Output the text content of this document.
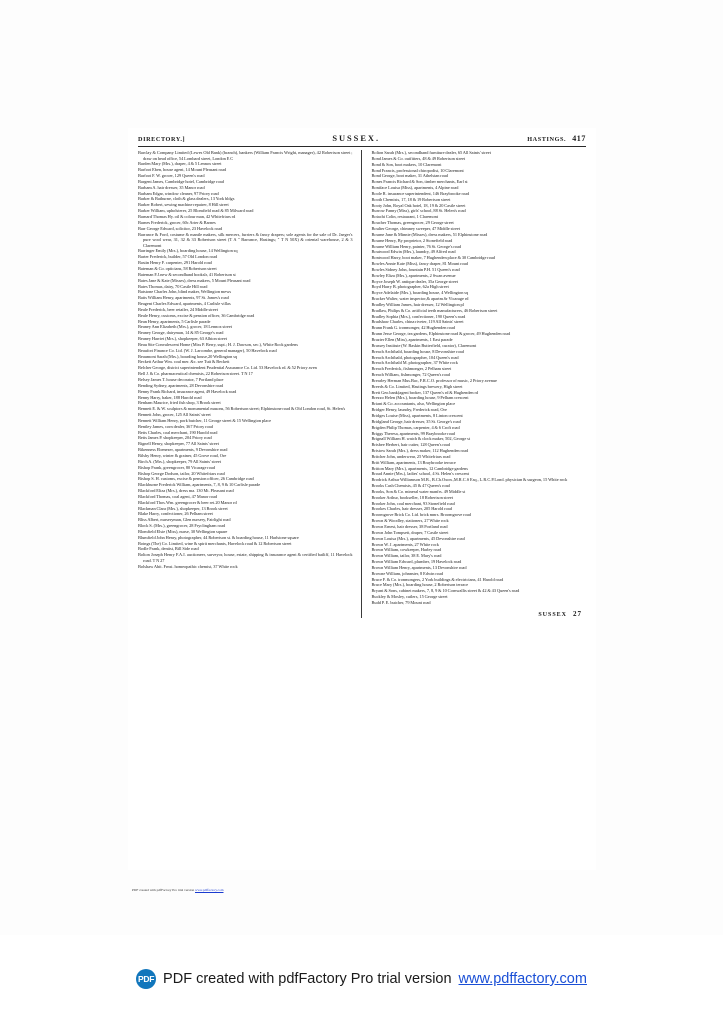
DIRECTORY.]	SUSSEX.	HASTINGS. 417
Barclay & Company Limited (Lewes Old Bank) (branch), bankers (William Francis Wright, manager), 42 Robertson street ; draw on head office, 54 Lombard street, London E C
Barden Mary (Mrs.), draper, 4 & 5 Lennox street
Barfoot Eben, house agent, 14 Mount Pleasant road
Barfoot F. W. grocer, 129 Queen's road
Bargent James, Cambridge hotel, Cambridge road
Barham A. hair dresser, 35 Manor road
Barham Edgar, window cleaner, 97 Priory road
Barker & Bathurne, cloth & glass dealers, 13 York bldgs
Barker Robert, sewing machine repairer, 8 Hill street
Barker William, upholsterer, 25 Blomfield road & 85 Milward road
Barnard Thomas Hy. oil & colour man, 42 Whitefriars rd
Barnes Frederick, grocer, 60c Arter & Barnes
Barr George Edward, solicitor, 23 Havelock road
Barrance & Ford, costume & mantle makers, silk mercers, furriers & fancy drapers; sole agents for the sale of Dr. Jaeger's pure wool wear, 31, 32 & 33 Robertson street (T A " Barrance, Hastings; " T N 50X) & oriental warehouse, 2 & 3 Claremont
Barringer Emily (Mrs.), boarding house, 14 Wellington sq
Barter Frederick, builder, 57 Old London road
Bastin Henry F. carpenter, 291 Harold road
Bateman & Co. opticians, 58 Robertson street
Bateman F.J.new & secondhand bookslr, 41 Robertson st
Bates Jane & Kate (Misses), dress makers, 5 Mount Pleasant road
Bates Thomas, dairy, 70 Castle Hill road
Batstone Charles John, blind maker, Wellington mews
Batts William Henry, apartments, 97 St. James's road
Beagent Charles Edward, apartments, 4 Carlisle villas
Beale Frederick, beer retailer, 24 Middle street
Beale Henry, customs, excise & pension officer, 36 Cambridge road
Bean Henry, apartments, 5 Carlisle parade
Beaney Ann Elizabeth (Mrs.), grocer, 18 Lennox street
Beaney George, dairyman, 14 & 85 George's road
Beaney Harriet (Mrs.), shopkeeper, 63 Albion street
Beau Site Convalescent Home (Miss P. Berry, supt.; H. J. Dawson, sec.), White Rock gardens
Beaufort Finance Co. Ltd. (W. J. Larcombe, general manager), 50 Havelock road
Beaumont Sarah (Mrs.), boarding house,20 Wellington sq
Beckett Arthur Wm. coal mer. &c. see Tutt & Beckett
Belcher George, district superintendent Prudential Assurance Co. Ltd. 53 Havelock rd. & 52 Priory aven
Bell J. & Co. pharmaceutical chemists, 22 Robertson street. T N 17
Belsey James T. house decorator, 7 Portland place
Bending Sydney, apartments, 28 Devonshire road
Benny Frank Richard, insurance agent, 49 Havelock road
Benny Harry, baker, 188 Harold road
Benham Maurice, fried fish shop, 3 Brook street
Bennett E. & W. sculptors & monumental masons, 56 Robertson street; Elphinstone road & Old London road, St. Helen's
Bennett John, grocer, 125 All Saints' street
Bennett William Henry, pork butcher, 11 George street & 15 Wellington place
Bentley James, corn dealer, 367 Priory road
Betts Charles, coal merchant, 190 Harold road
Betts James P. shopkeeper, 204 Priory road
Bignell Henry, shopkeeper, 77 All Saints' street
Bikenness Ebenezer, apartments, 9 Devonshire road
Bilsby Henry, winter & grainer, 45 Grove road, Ore
Birch A. (Mrs.), shopkeeper, 79 All Saints' street
Bishop Frank, greengrocer, 80 Vicarage road
Bishop George Dodson, tailor, 20 Whitefriars road
Bishop S. H. customs, excise & pension officer, 26 Cambridge road
Blackburne Frederick William, apartments, 7, 8, 9 & 10 Carlisle parade
Blackford Eliza (Mrs.), dress ma. 130 Mt. Pleasant road
Blackford Thomas, coal agent, 47 Manor road
Blackford Thos.Wm. greengrocer & beer ret.20 Manor rd
Blackman Clara (Mrs.), shopkeeper, 13 Brook street
Blake Harry, confectioner, 26 Pelham street
Bliss Albert, nurseryman, Glen nursery, Fairlight road
Block S. (Mrs.), greengrocer, 28 Fryclingham road
Blomfield Elsie (Miss), nurse, 30 Wellington square
Blumfield John Henry, photographer, 44 Robertson st. & boarding house, 11 Harlstone square
Boings (The) Co. Limited, wine & spirit merchants, Havelock road & 12 Robertson street
Bodle Frank, dentist, Bill Side road
Bolton Joseph Henry F.A.I. auctioneer, surveyor, house, estate, shipping & insurance agent & certified bailiff, 11 Havelock road. T N 27
Bolshaw Abit. Frnst. homeopathic chemist, 37 White rock
Bolton Sarah (Mrs.), secondhand furniture dealer, 65 All Saints' street
Bond James & Co. outfitters, 48 & 49 Robertson street
Bond & Son, boot makers, 10 Claremont
Bond Francis, professional chiropodist, 10 Claremont
Bond George, boot maker, 31 Athelstan road
Bones Francis Richard & Son, timber merchants, Earl st
Boniface Louisa (Miss), apartments, 4 Alpine road
Boole R. insurance superintendent, 146 Braybrooke road
Booth Chemists, 17, 18 & 19 Robertson street
Booty John, Royal Oak hotel, 18, 19 & 20 Castle street
Burrow Fanny (Miss), girls' school, 88 St. Helen's road
Botachi Colin, restaurant, 1 Claremont
Boucher Thomas, greengrocer, 29 George street
Boulter George, chimney sweeper, 47 Middle street
Bourne Jane & Minnie (Misses), dress makers, 51 Elphinstone road
Bourne Henry, By proprietor, 2 Stonefield road
Bourne William Henry, painter, 76 St. George's road
Boutwood Edwin (Mrs.), laundry, 49 Alfred road
Bontwood Harry, boot maker, 7 Hughenden place & 30 Cambridge road
Bowles Annie Kate (Miss), fancy draper, 81 Mount road
Bowles Sidney John, fountain P.H. 51 Queen's road
Bowley Eliza (Mrs.), apartments, 2 Swan avenue
Boyce Joseph W. antique dealer, 35a George street
Boyd Harry B. photographer, 62a High street
Boyce Adelaide (Mrs.), boarding house, 4 Wellington sq
Bracker Walter, water inspector,& apartm.6r Vicarage rd
Bradley William James, hair dresser, 12 Wellington pl
Bradlaw, Philips & Co. artificial teeth manufacturers, 46 Robertson street
Bradley Sophia (Mrs.), confectioner, 190 Queen's road
Bradshaw Charles, china riveter, 119 All Saints' street
Brann Frank G. ironmonger, 42 Hughenden road
Brann Jesse George, tea gardens, Elphinstone road & grocer, 49 Hughenden road
Brazier Ellen (Miss), apartments, 1 East parade
Brassey Institute (W. Baskin Butterfield, curator), Claremont
Breach Archibald, boarding house, 8 Devonshire road
Breach Archibald, photographer, 104 Queen's road
Breach Archibald M. photographer, 37 White rock
Breach Frederick, fishmonger, 2 Pelham street
Breach William, fishmonger, 72 Queen's road
Brearley Herman Mus.Bac, F.R.C.O. professor of music, 2 Priory avenue
Breeds & Co. Limited, Hastings brewery, High street
Brett Geo.bank(agent broker, 137 Queen's rd & Hughenden rd
Brezzo Helen (Mrs.), boarding house, 9 Pelham crescent
Briant & Co. accountants, also, Wellington place
Bridger Henry, laundry, Frederick road, Ore
Bridges Louise (Miss), apartments, 8 Linton crescent
Bridgland George, hair dresser, 35 St. George's road
Brigden Philip Thomas, carpenter, 4 & 6 Croft road
Briggs Theresa, apartments, 99 Braybrooke road
Brignall William H. watch & clock maker, 502, George st
Brisbee Herbert, hair cutter, 128 Queen's road
Bristow Sarah (Mrs.), dress maker, 112 Hughenden road
Britcher John, underwear, 25 Whitefriars road
Britt William, apartments, 13 Braybrooke terrace
Britton Mary (Mrs.), apartments, 12 Cambridge gardens
Broad Annie (Mrs.), ladies' school, 4 St. Helen's crescent
Brodrick Arthur Williamson M.B., B.Ch.Oxon.,M.R.C.S Esq., L.R.C.P.Lond. physician & surgeon, 15 White rock
Brooks Cash Chemists, 45 & 47 Queen's road
Brooks, Son & Co. mineral water manfrs. 49 Middle st
Brooker Arthur, bookseller, 18 Robertson street
Brooker John, coal merchant, 93 Stonefield road
Brookes Charles, hair dresser, 205 Harold road
Broomgrove Brick Co. Ltd. brick mnrs. Broomgrove road
Brown & Woodley, stationers, 27 White rock
Brown Ernest, hair dresser, 38 Portland road
Brown John Tompsett, draper, 7 Castle street
Brown Louisa (Mrs.), apartments, 45 Devonshire road
Brown W. J. apartments, 27 White rock
Brown William, cowkeeper, Harley road
Brown William, tailor, 38 E. Mary's road
Brown William Edward, plumber, 19 Havelock road
Brown William Henry, apartments, 13 Devonshire road
Browne William, johnnster, 8 Edwin road
Bruce F. & Co. ironmongers, 2 York buildings & electricians, 41 Harold road
Bruce Mary (Mrs.), boarding house, 2 Robertson terrace
Bryant & Sons, cabinet makers, 7, 8, 9 & 10 Cornwallis street & 42 & 43 Queen's road
Buckley & Mosley, cutlers, 15 George street
Budd P. E. butcher, 79 Mount road
SUSSEX 27
PDF created with pdfFactory Pro trial version www.pdffactory.com
PDF PDF created with pdfFactory Pro trial version www.pdffactory.com
